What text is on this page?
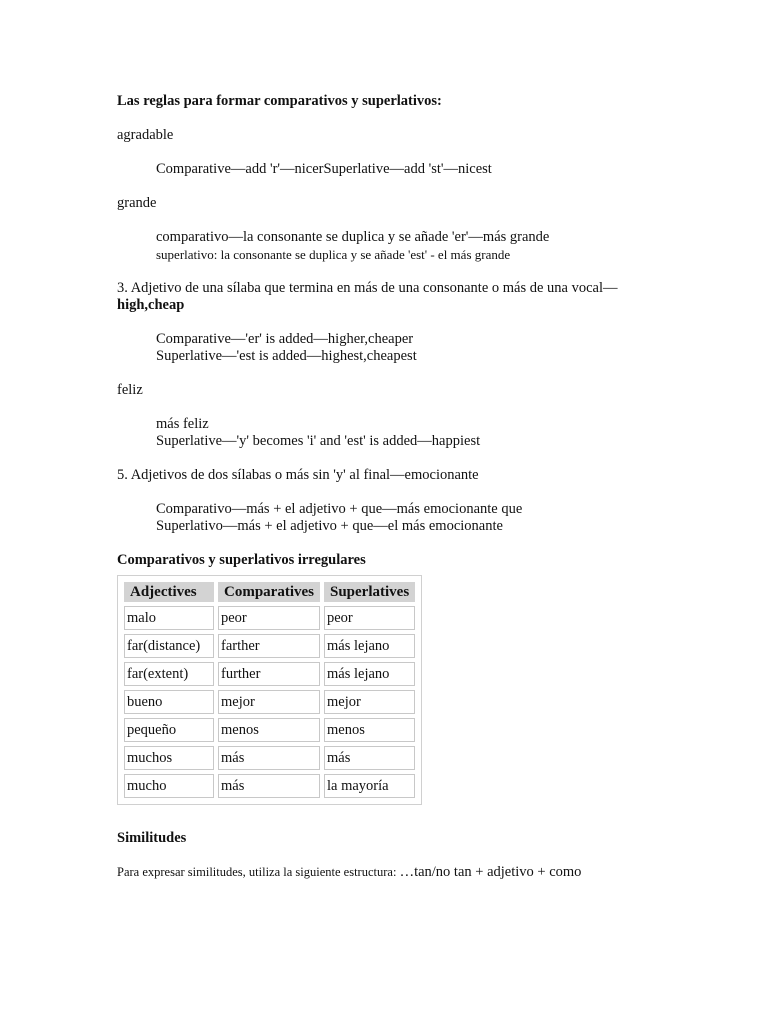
Las reglas para formar comparativos y superlativos:

agradable

Comparative—add 'r'—nicerSuperlative—add 'st'—nicest

grande

comparativo—la consonante se duplica y se añade 'er'—más grande
superlativo: la consonante se duplica y se añade 'est' - el más grande

3. Adjetivo de una sílaba que termina en más de una consonante o más de una vocal—

high,cheap

Comparative—'er' is added—higher,cheaper
Superlative—'est is added—highest,cheapest

feliz

más feliz
Superlative—'y' becomes 'i' and 'est' is added—happiest

5. Adjetivos de dos sílabas o más sin 'y' al final—emocionante

Comparativo—más + el adjetivo + que—más emocionante que
Superlativo—más + el adjetivo + que—el más emocionante

Comparativos y superlativos irregulares

Adjectives	Comparatives	Superlatives
malo	peor	peor
far(distance)	farther	más lejano
far(extent)	further	más lejano
bueno	mejor	mejor
pequeño	menos	menos
muchos	más	más
mucho	más	la mayoría

Similitudes

Para expresar similitudes, utiliza la siguiente estructura: …tan/no tan + adjetivo + como
